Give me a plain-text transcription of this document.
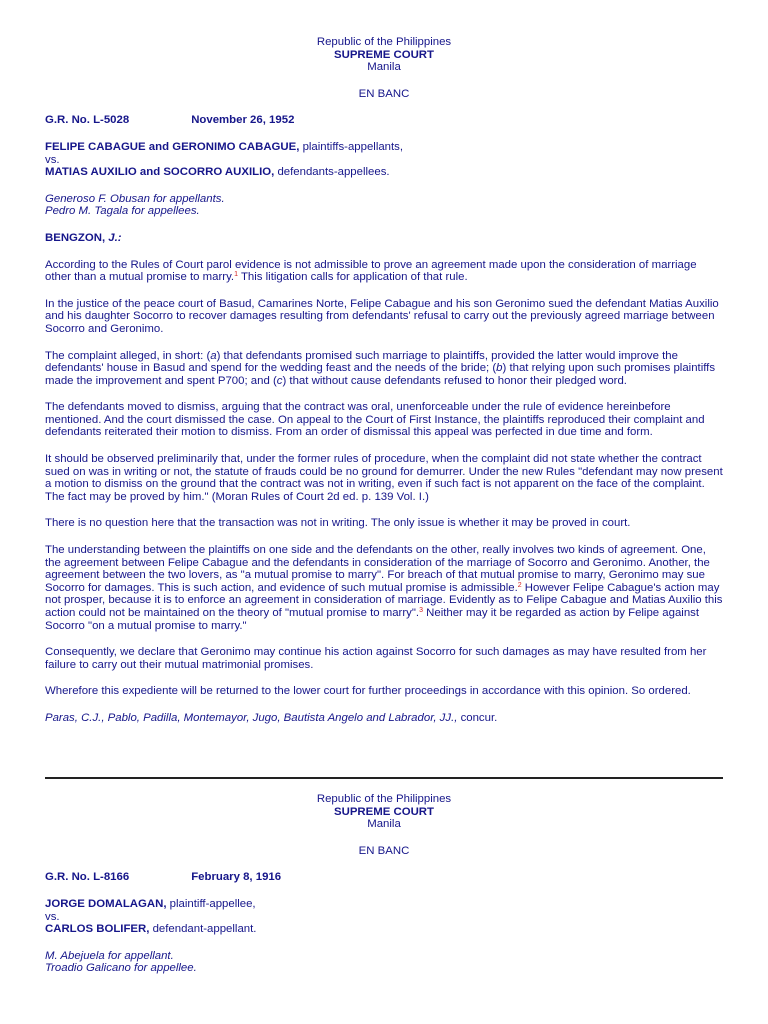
Republic of the Philippines
SUPREME COURT
Manila
EN BANC
G.R. No. L-5028	November 26, 1952
FELIPE CABAGUE and GERONIMO CABAGUE, plaintiffs-appellants,
vs.
MATIAS AUXILIO and SOCORRO AUXILIO, defendants-appellees.
Generoso F. Obusan for appellants.
Pedro M. Tagala for appellees.
BENGZON, J.:

According to the Rules of Court parol evidence is not admissible to prove an agreement made upon the consideration of marriage other than a mutual promise to marry.$^1$ This litigation calls for application of that rule.

In the justice of the peace court of Basud, Camarines Norte, Felipe Cabague and his son Geronimo sued the defendant Matias Auxilio and his daughter Socorro to recover damages resulting from defendants' refusal to carry out the previously agreed marriage between Socorro and Geronimo.

The complaint alleged, in short: (a) that defendants promised such marriage to plaintiffs, provided the latter would improve the defendants' house in Basud and spend for the wedding feast and the needs of the bride; (b) that relying upon such promises plaintiffs made the improvement and spent P700; and (c) that without cause defendants refused to honor their pledged word.

The defendants moved to dismiss, arguing that the contract was oral, unenforceable under the rule of evidence hereinbefore mentioned. And the court dismissed the case. On appeal to the Court of First Instance, the plaintiffs reproduced their complaint and defendants reiterated their motion to dismiss. From an order of dismissal this appeal was perfected in due time and form.

It should be observed preliminarily that, under the former rules of procedure, when the complaint did not state whether the contract sued on was in writing or not, the statute of frauds could be no ground for demurrer. Under the new Rules "defendant may now present a motion to dismiss on the ground that the contract was not in writing, even if such fact is not apparent on the face of the complaint. The fact may be proved by him." (Moran Rules of Court 2d ed. p. 139 Vol. I.)

There is no question here that the transaction was not in writing. The only issue is whether it may be proved in court.

The understanding between the plaintiffs on one side and the defendants on the other, really involves two kinds of agreement. One, the agreement between Felipe Cabague and the defendants in consideration of the marriage of Socorro and Geronimo. Another, the agreement between the two lovers, as "a mutual promise to marry". For breach of that mutual promise to marry, Geronimo may sue Socorro for damages. This is such action, and evidence of such mutual promise is admissible.$^2$ However Felipe Cabague's action may not prosper, because it is to enforce an agreement in consideration of marriage. Evidently as to Felipe Cabague and Matias Auxilio this action could not be maintained on the theory of "mutual promise to marry".$^3$ Neither may it be regarded as action by Felipe against Socorro "on a mutual promise to marry."

Consequently, we declare that Geronimo may continue his action against Socorro for such damages as may have resulted from her failure to carry out their mutual matrimonial promises.

Wherefore this expediente will be returned to the lower court for further proceedings in accordance with this opinion. So ordered.

Paras, C.J., Pablo, Padilla, Montemayor, Jugo, Bautista Angelo and Labrador, JJ., concur.

Republic of the Philippines
SUPREME COURT
Manila
EN BANC
G.R. No. L-8166	February 8, 1916
JORGE DOMALAGAN, plaintiff-appellee,
vs.
CARLOS BOLIFER, defendant-appellant.
M. Abejuela for appellant.
Troadio Galicano for appellee.
